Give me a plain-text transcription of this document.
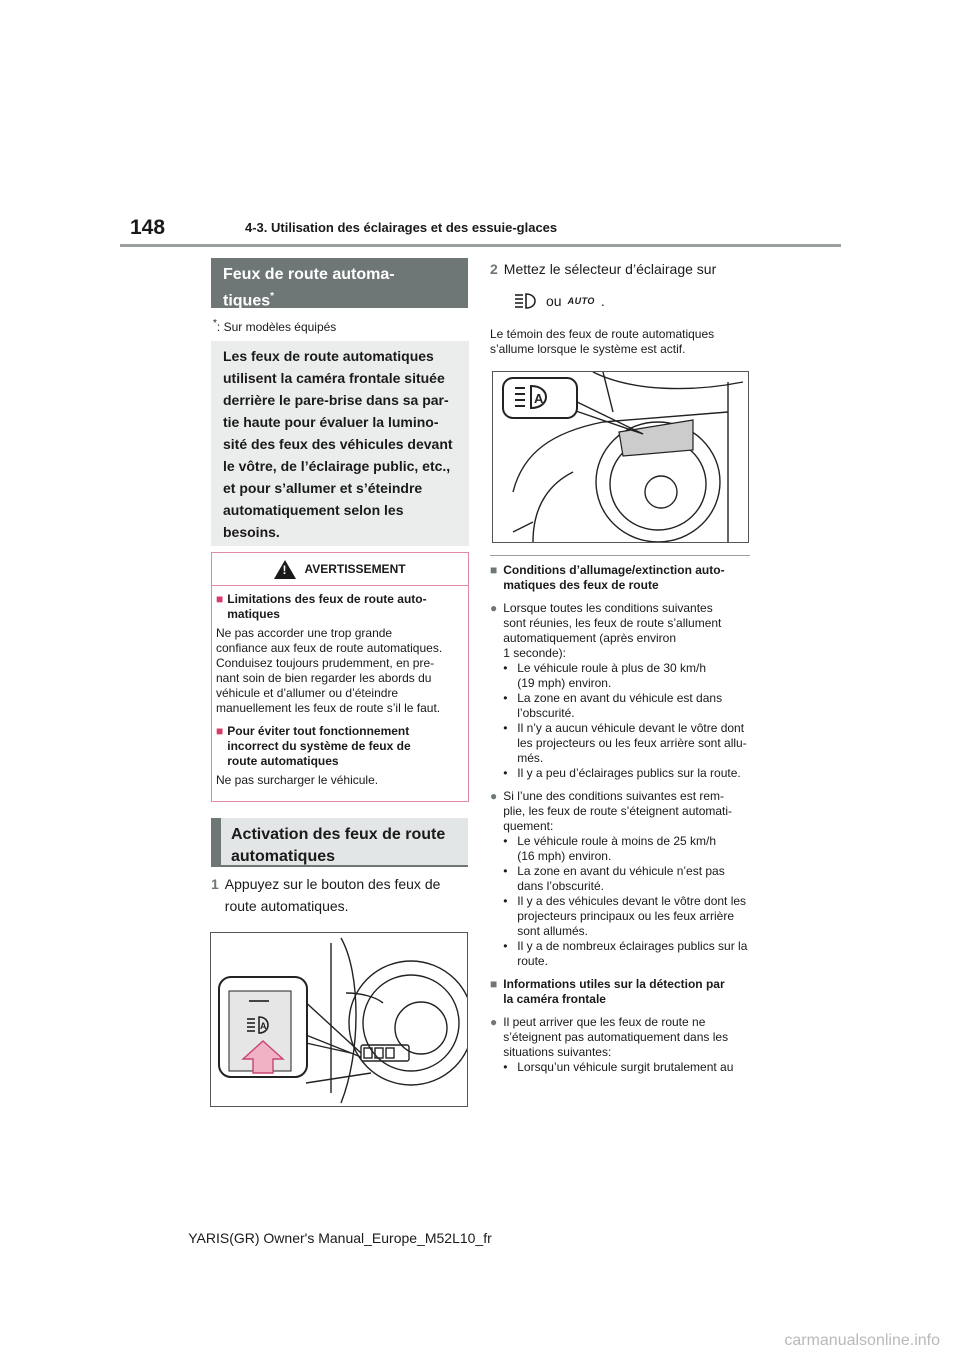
148	4-3. Utilisation des éclairages et des essuie-glaces
Feux de route automa-
tiques*
*: Sur modèles équipés
Les feux de route automatiques
utilisent la caméra frontale située
derrière le pare-brise dans sa par-
tie haute pour évaluer la lumino-
sité des feux des véhicules devant
le vôtre, de l’éclairage public, etc.,
et pour s’allumer et s’éteindre
automatiquement selon les
besoins.
!
AVERTISSEMENT
■ Limitations des feux de route auto-
matiques
Ne pas accorder une trop grande
confiance aux feux de route automatiques.
Conduisez toujours prudemment, en pre-
nant soin de bien regarder les abords du
véhicule et d’allumer ou d’éteindre
manuellement les feux de route s’il le faut.
■ Pour éviter tout fonctionnement
incorrect du système de feux de
route automatiques
Ne pas surcharger le véhicule.
Activation des feux de route
automatiques
1 Appuyez sur le bouton des feux de
route automatiques.
A
2 Mettez le sélecteur d’éclairage sur
ou AUTO .
Le témoin des feux de route automatiques
s’allume lorsque le système est actif.
A
■ Conditions d’allumage/extinction auto-
matiques des feux de route
● Lorsque toutes les conditions suivantes
sont réunies, les feux de route s’allument
automatiquement (après environ
1 seconde):
• Le véhicule roule à plus de 30 km/h
(19 mph) environ.
• La zone en avant du véhicule est dans
l’obscurité.
• Il n’y a aucun véhicule devant le vôtre dont
les projecteurs ou les feux arrière sont allu-
més.
• Il y a peu d’éclairages publics sur la route.
● Si l’une des conditions suivantes est rem-
plie, les feux de route s’éteignent automati-
quement:
• Le véhicule roule à moins de 25 km/h
(16 mph) environ.
• La zone en avant du véhicule n’est pas
dans l’obscurité.
• Il y a des véhicules devant le vôtre dont les
projecteurs principaux ou les feux arrière
sont allumés.
• Il y a de nombreux éclairages publics sur la
route.
■ Informations utiles sur la détection par
la caméra frontale
● Il peut arriver que les feux de route ne
s’éteignent pas automatiquement dans les
situations suivantes:
• Lorsqu’un véhicule surgit brutalement au
YARIS(GR) Owner's Manual_Europe_M52L10_fr
carmanualsonline.info
